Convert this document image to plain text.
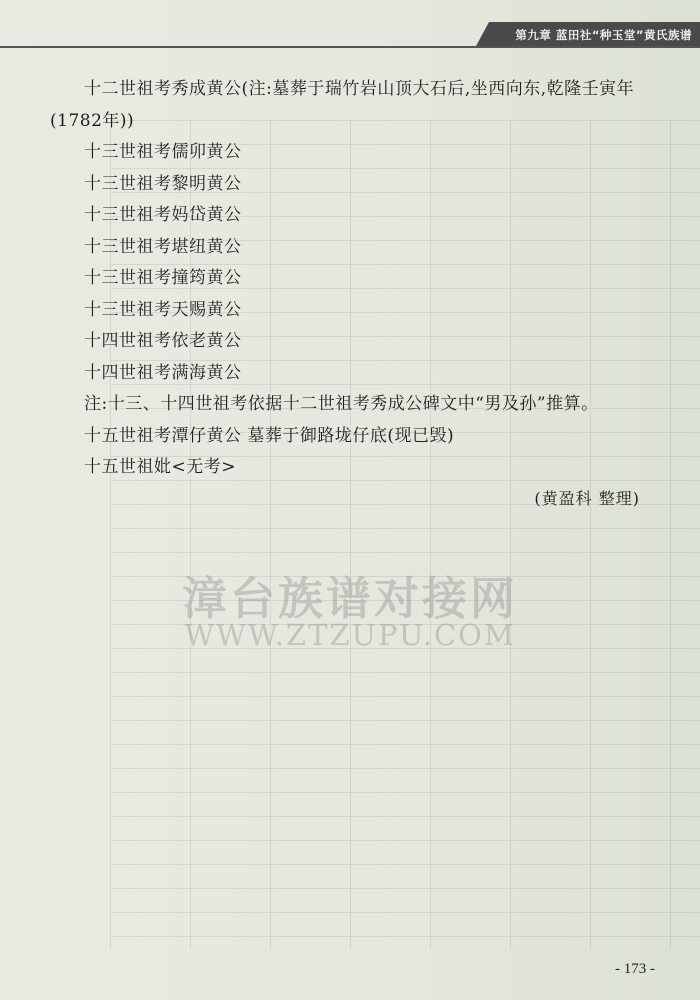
第九章 蓝田社“种玉堂”黄氏族谱
十二世祖考秀成黄公(注:墓葬于瑞竹岩山顶大石后,坐西向东,乾隆壬寅年
(1782年))
十三世祖考儒卯黄公
十三世祖考黎明黄公
十三世祖考妈岱黄公
十三世祖考堪纽黄公
十三世祖考撞筠黄公
十三世祖考天赐黄公
十四世祖考依老黄公
十四世祖考满海黄公
注:十三、十四世祖考依据十二世祖考秀成公碑文中“男及孙”推算。
十五世祖考潭仔黄公 墓葬于御路垅仔底(现已毁)
十五世祖妣<无考>
(黄盈科 整理)
漳台族谱对接网
WWW.ZTZUPU.COM
- 173 -
